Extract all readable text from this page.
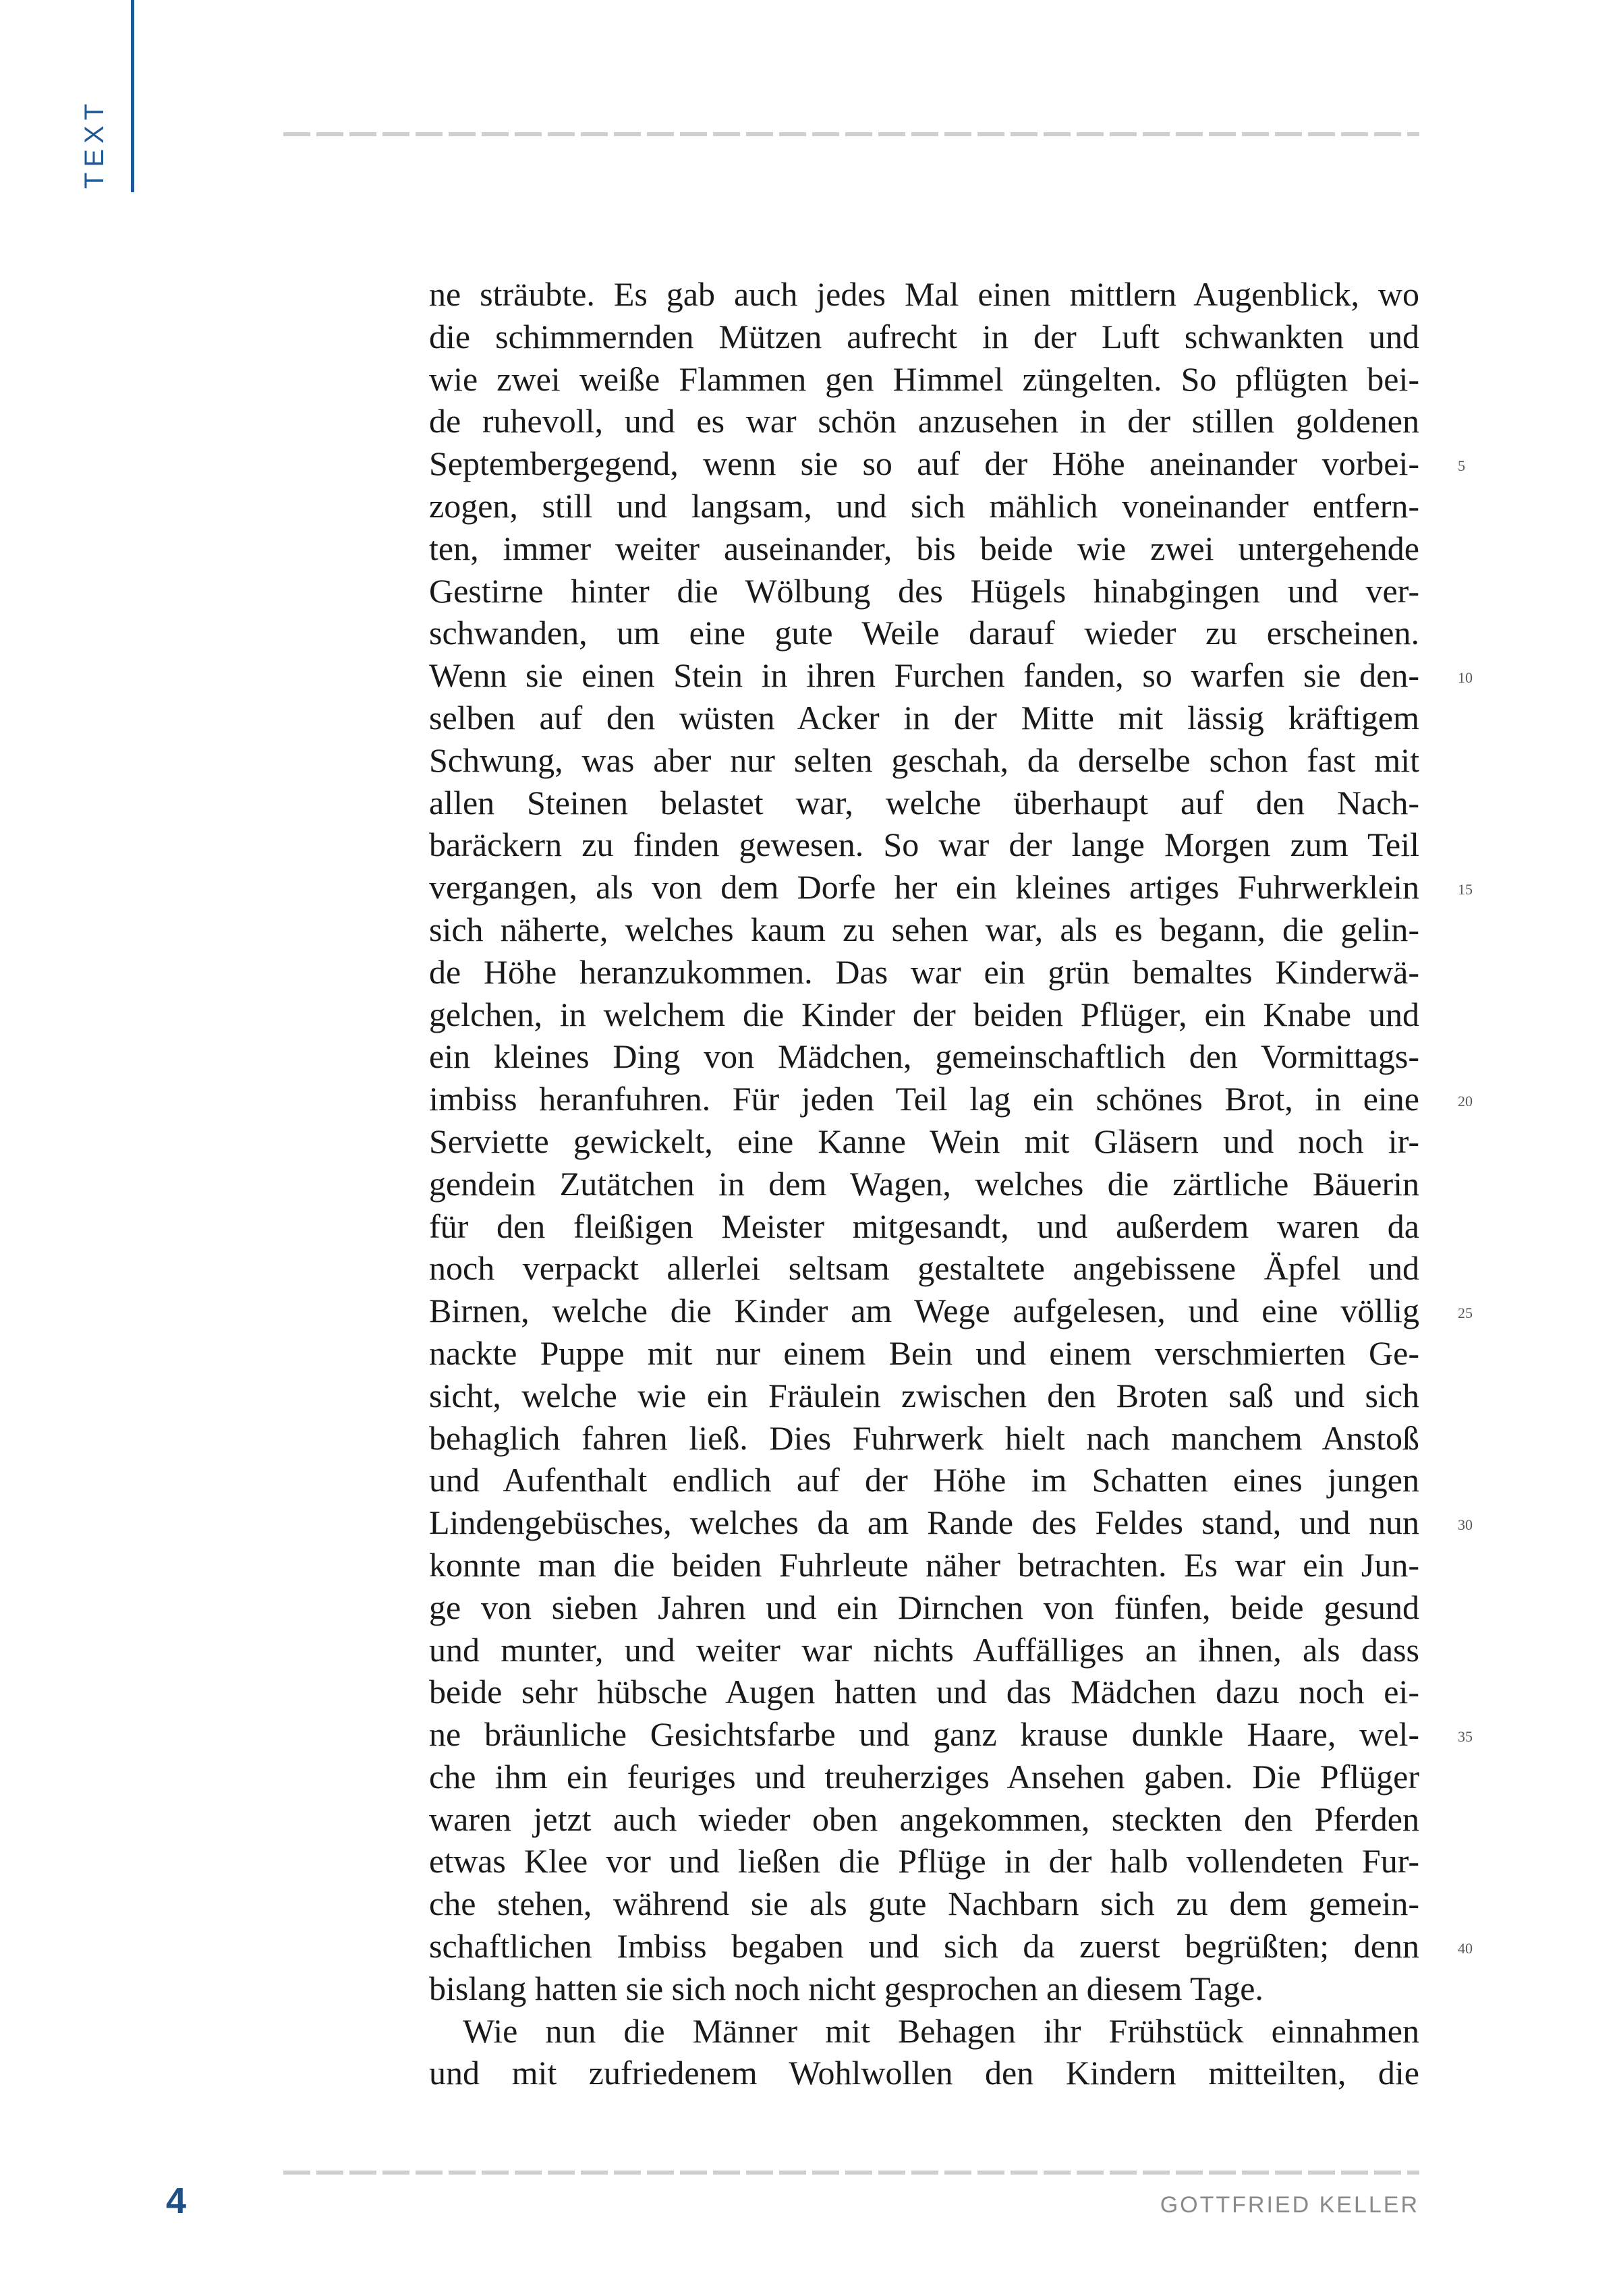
TEXT
ne sträubte. Es gab auch jedes Mal einen mittlern Augenblick, wo
die schimmernden Mützen aufrecht in der Luft schwankten und
wie zwei weiße Flammen gen Himmel züngelten. So pflügten bei-
de ruhevoll, und es war schön anzusehen in der stillen goldenen
Septembergegend, wenn sie so auf der Höhe aneinander vorbei-	5
zogen, still und langsam, und sich mählich voneinander entfern-
ten, immer weiter auseinander, bis beide wie zwei untergehende
Gestirne hinter die Wölbung des Hügels hinabgingen und ver-
schwanden, um eine gute Weile darauf wieder zu erscheinen.
Wenn sie einen Stein in ihren Furchen fanden, so warfen sie den-	10
selben auf den wüsten Acker in der Mitte mit lässig kräftigem
Schwung, was aber nur selten geschah, da derselbe schon fast mit
allen Steinen belastet war, welche überhaupt auf den Nach-
baräckern zu finden gewesen. So war der lange Morgen zum Teil
vergangen, als von dem Dorfe her ein kleines artiges Fuhrwerklein	15
sich näherte, welches kaum zu sehen war, als es begann, die gelin-
de Höhe heranzukommen. Das war ein grün bemaltes Kinderwä-
gelchen, in welchem die Kinder der beiden Pflüger, ein Knabe und
ein kleines Ding von Mädchen, gemeinschaftlich den Vormittags-
imbiss heranfuhren. Für jeden Teil lag ein schönes Brot, in eine	20
Serviette gewickelt, eine Kanne Wein mit Gläsern und noch ir-
gendein Zutätchen in dem Wagen, welches die zärtliche Bäuerin
für den fleißigen Meister mitgesandt, und außerdem waren da
noch verpackt allerlei seltsam gestaltete angebissene Äpfel und
Birnen, welche die Kinder am Wege aufgelesen, und eine völlig	25
nackte Puppe mit nur einem Bein und einem verschmierten Ge-
sicht, welche wie ein Fräulein zwischen den Broten saß und sich
behaglich fahren ließ. Dies Fuhrwerk hielt nach manchem Anstoß
und Aufenthalt endlich auf der Höhe im Schatten eines jungen
Lindengebüsches, welches da am Rande des Feldes stand, und nun	30
konnte man die beiden Fuhrleute näher betrachten. Es war ein Jun-
ge von sieben Jahren und ein Dirnchen von fünfen, beide gesund
und munter, und weiter war nichts Auffälliges an ihnen, als dass
beide sehr hübsche Augen hatten und das Mädchen dazu noch ei-
ne bräunliche Gesichtsfarbe und ganz krause dunkle Haare, wel-	35
che ihm ein feuriges und treuherziges Ansehen gaben. Die Pflüger
waren jetzt auch wieder oben angekommen, steckten den Pferden
etwas Klee vor und ließen die Pflüge in der halb vollendeten Fur-
che stehen, während sie als gute Nachbarn sich zu dem gemein-
schaftlichen Imbiss begaben und sich da zuerst begrüßten; denn	40
bislang hatten sie sich noch nicht gesprochen an diesem Tage.
Wie nun die Männer mit Behagen ihr Frühstück einnahmen
und mit zufriedenem Wohlwollen den Kindern mitteilten, die
4	GOTTFRIED KELLER
